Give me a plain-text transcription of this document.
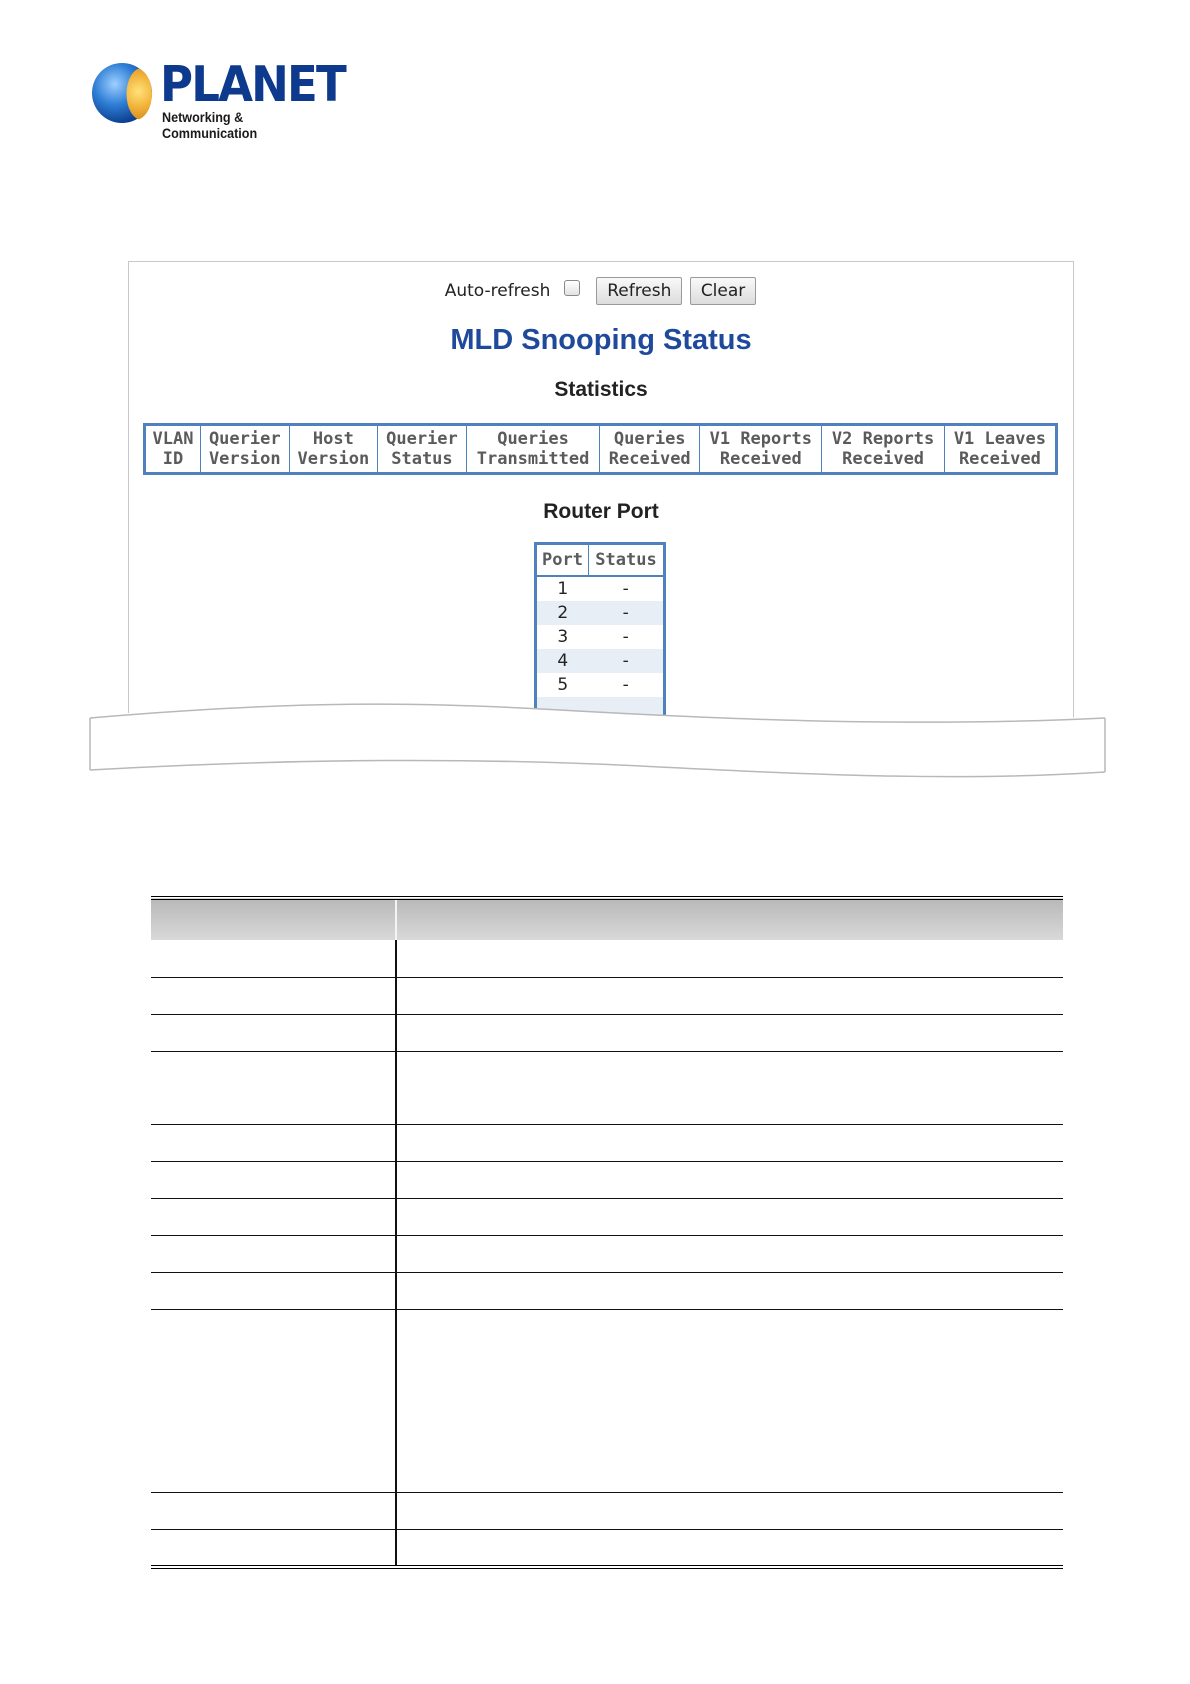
PLANET
Networking & Communication
Auto-refresh	Refresh Clear
MLD Snooping Status
Statistics
VLAN
ID

Querier
Version

Host
Version

Querier
Status

Queries
Transmitted

Queries
Received

V1 Reports
Received

V2 Reports
Received

V1 Leaves
Received
Router Port
Port	Status
1	-
2	-
3	-
4	-
5	-
